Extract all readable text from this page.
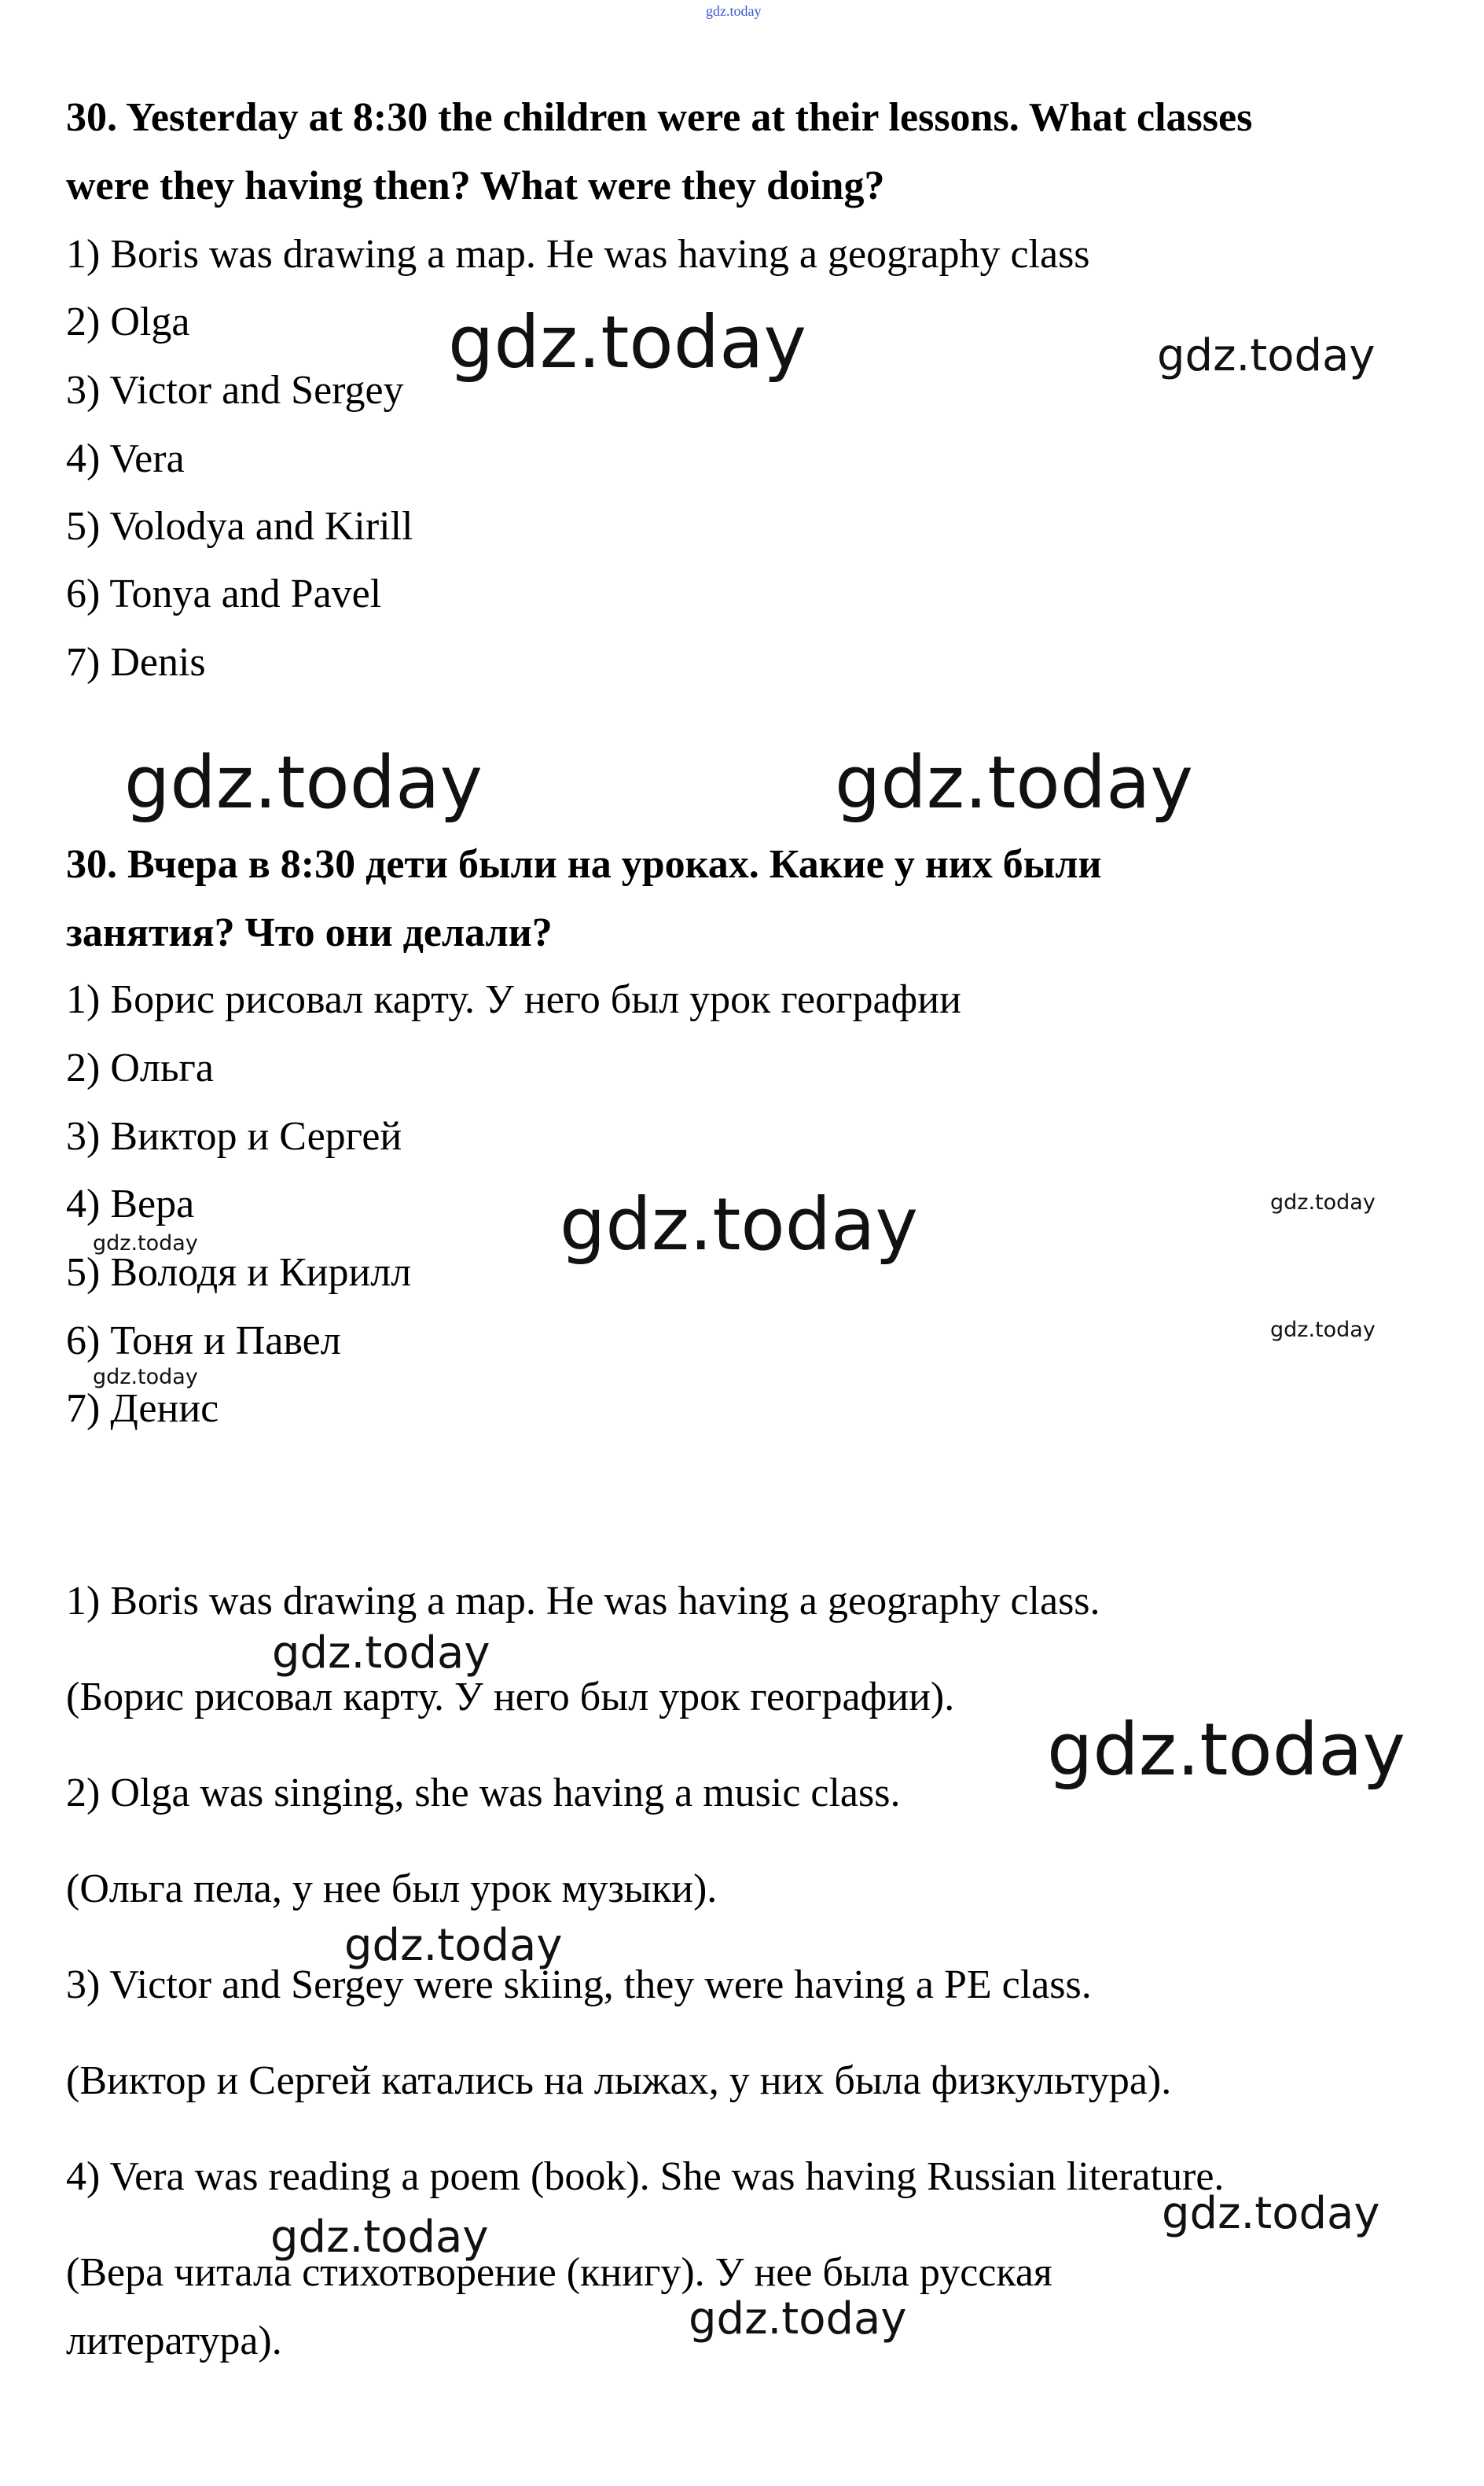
gdz.today
30. Yesterday at 8:30 the children were at their lessons. What classes
were they having then? What were they doing?
1) Boris was drawing a map. He was having a geography class
2) Olga
3) Victor and Sergey
4) Vera
5) Volodya and Kirill
6) Tonya and Pavel
7) Denis
30. Вчера в 8:30 дети были на уроках. Какие у них были
занятия? Что они делали?
1) Борис рисовал карту. У него был урок географии
2) Ольга
3) Виктор и Сергей
4) Вера
5) Володя и Кирилл
6) Тоня и Павел
7) Денис
1) Boris was drawing a map. He was having a geography class.
(Борис рисовал карту. У него был урок географии).
2) Olga was singing, she was having a music class.
(Ольга пела, у нее был урок музыки).
3) Victor and Sergey were skiing, they were having a PE class.
(Виктор и Сергей катались на лыжах, у них была физкультура).
4) Vera was reading a poem (book). She was having Russian literature.
(Вера читала стихотворение (книгу). У нее была русская
литература).
gdz.today	gdz.today
gdz.today	gdz.today
gdz.today	gdz.today
gdz.today
gdz.today
gdz.today
gdz.today
gdz.today
gdz.today
gdz.today
gdz.today
gdz.today
